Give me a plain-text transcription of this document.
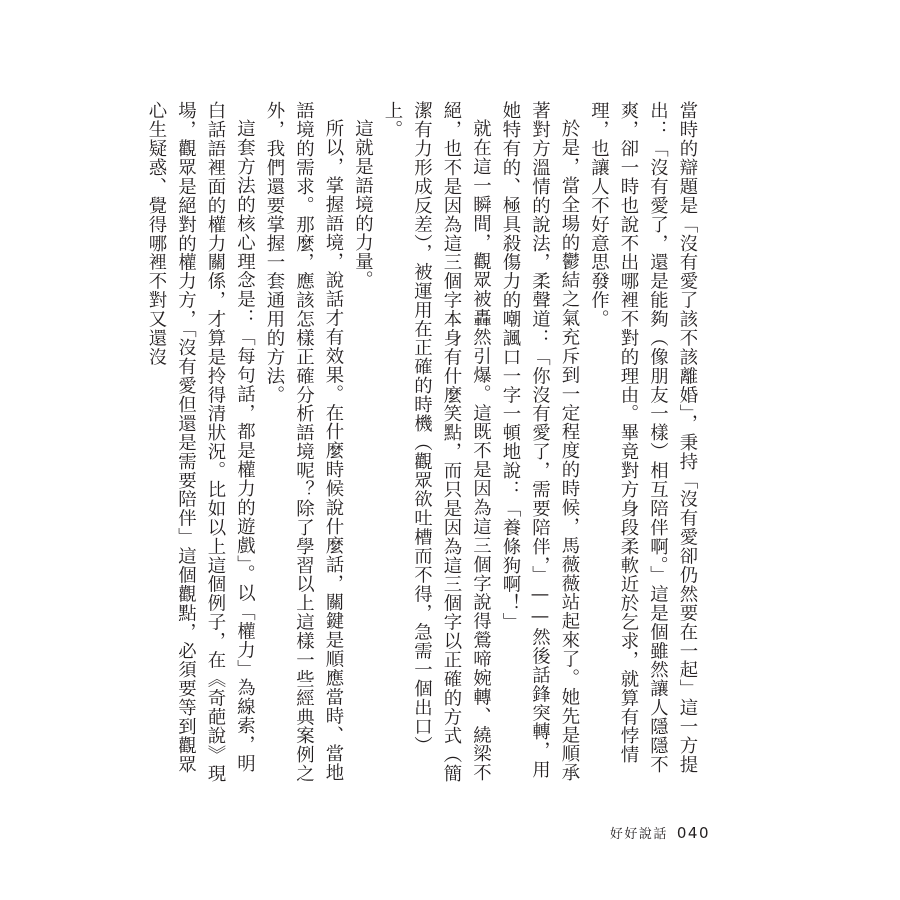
當時的辯題是「沒有愛了該不該離婚」，秉持「沒有愛卻仍然要在一起」這一方提出：「沒有愛了，還是能夠（像朋友一樣）相互陪伴啊。」這是個雖然讓人隱隱不爽，卻一時也說不出哪裡不對的理由。畢竟對方身段柔軟近於乞求，就算有悖情理，也讓人不好意思發作。

於是，當全場的鬱結之氣充斥到一定程度的時候，馬薇薇站起來了。她先是順承著對方溫情的說法，柔聲道：「你沒有愛了，需要陪伴，」——然後話鋒突轉，用她特有的、極具殺傷力的嘲諷口一字一頓地說：「養條狗啊！」

就在這一瞬間，觀眾被轟然引爆。這既不是因為這三個字說得鶯啼婉轉、繞梁不絕，也不是因為這三個字本身有什麼笑點，而只是因為這三個字以正確的方式（簡潔有力形成反差），被運用在正確的時機（觀眾欲吐槽而不得，急需一個出口）上。

這就是語境的力量。

所以，掌握語境，說話才有效果。在什麼時候說什麼話，關鍵是順應當時、當地語境的需求。那麼，應該怎樣正確分析語境呢？除了學習以上這樣一些經典案例之外，我們還要掌握一套通用的方法。

這套方法的核心理念是：「每句話，都是權力的遊戲」。以「權力」為線索，明白話語裡面的權力關係，才算是拎得清狀況。比如以上這個例子，在《奇葩說》現場，觀眾是絕對的權力方，「沒有愛但還是需要陪伴」這個觀點，必須要等到觀眾心生疑惑、覺得哪裡不對又還沒

好好說話 040
